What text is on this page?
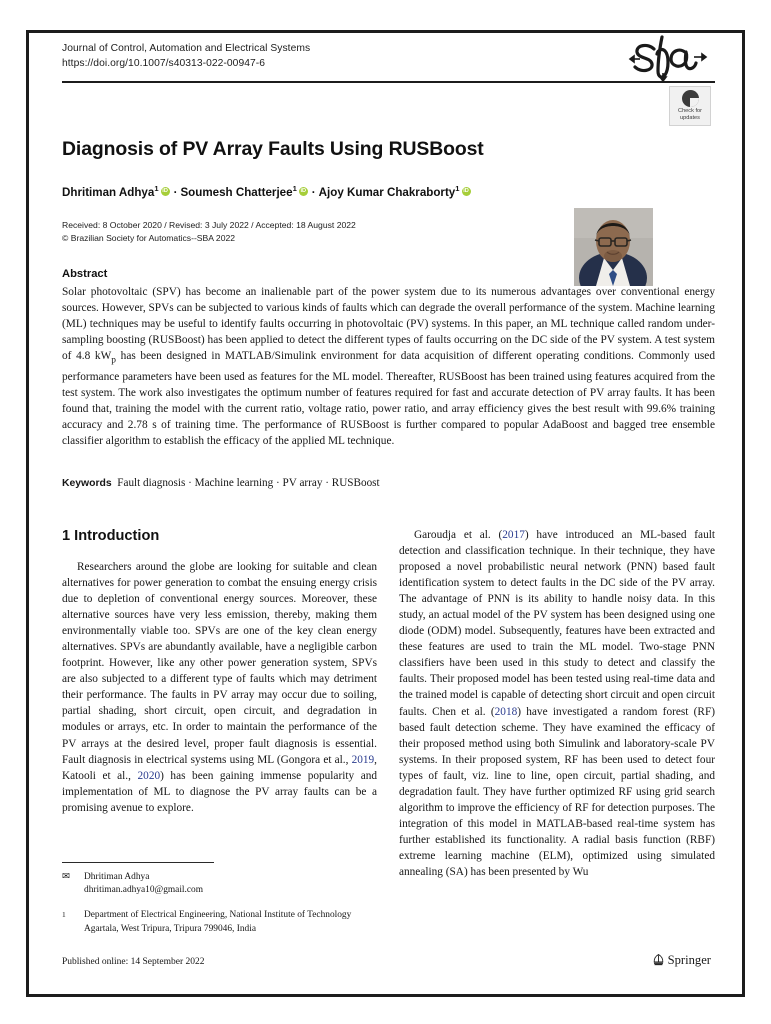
Journal of Control, Automation and Electrical Systems
https://doi.org/10.1007/s40313-022-00947-6
Check for
updates
Diagnosis of PV Array Faults Using RUSBoost
Dhritiman Adhya$^1$ iD · Soumesh Chatterjee$^1$ iD · Ajoy Kumar Chakraborty$^1$iD
Received: 8 October 2020 / Revised: 3 July 2022 / Accepted: 18 August 2022
© Brazilian Society for Automatics--SBA 2022
Abstract
Solar photovoltaic (SPV) has become an inalienable part of the power system due to its numerous advantages over conventional energy sources. However, SPVs can be subjected to various kinds of faults which can degrade the overall performance of the system. Machine learning (ML) techniques may be useful to identify faults occurring in photovoltaic (PV) systems. In this paper, an ML technique called random under-sampling boosting (RUSBoost) has been applied to detect the different types of faults occurring on the DC side of the PV system. A test system of 4.8 $kW_p$ has been designed in MATLAB/Simulink environment for data acquisition of different operating conditions. Commonly used performance parameters have been used as features for the ML model. Thereafter, RUSBoost has been trained using features acquired from the test system. The work also investigates the optimum number of features required for fast and accurate detection of PV array faults. It has been found that, training the model with the current ratio, voltage ratio, power ratio, and array efficiency gives the best result with 99.6% training accuracy and 2.78 s of training time. The performance of RUSBoost is further compared to popular AdaBoost and bagged tree ensemble classifier algorithm to establish the efficacy of the applied ML technique.
Keywords Fault diagnosis · Machine learning · PV array · RUSBoost
1 Introduction

Researchers around the globe are looking for suitable and clean alternatives for power generation to combat the ensuing energy crisis due to depletion of conventional energy sources. Moreover, these alternative sources have very less emission, thereby, making them environmentally viable too. SPVs are one of the key clean energy alternatives. SPVs are abundantly available, have a negligible carbon footprint. However, like any other power generation system, SPVs are also subjected to a different type of faults which may detriment their performance. The faults in PV array may occur due to soiling, partial shading, short circuit, open circuit, and degradation in modules or arrays, etc. In order to maintain the performance of the PV arrays at the desired level, proper fault diagnosis is essential. Fault diagnosis in electrical systems using ML (Gongora et al., 2019, Katooli et al., 2020) has been gaining immense popularity and implementation of ML to diagnose the PV array faults can be a promising avenue to explore.

Garoudja et al. (2017) have introduced an ML-based fault detection and classification technique. In their technique, they have proposed a novel probabilistic neural network (PNN) based fault identification system to detect faults in the DC side of the PV array. The advantage of PNN is its ability to handle noisy data. In this study, an actual model of the PV system has been designed using one diode (ODM) model. Subsequently, features have been extracted and these features are used to train the ML model. Two-stage PNN classifiers have been used in this study to detect and classify the faults. Their proposed model has been tested using real-time data and the trained model is capable of detecting short circuit and open circuit faults. Chen et al. (2018) have investigated a random forest (RF) based fault detection scheme. They have examined the efficacy of their proposed method using both Simulink and laboratory-scale PV systems. In their proposed system, RF has been used to detect four types of fault, viz. line to line, open circuit, partial shading, and degradation fault. They have further optimized RF using grid search algorithm to improve the efficiency of RF for detection purposes. The integration of this model in MATLAB-based real-time system has further established its functionality. A radial basis function (RBF) extreme learning machine (ELM), optimized using simulated annealing (SA) has been presented by Wu

✉	Dhritiman Adhya
dhritiman.adhya10@gmail.com
1	Department of Electrical Engineering, National Institute of Technology Agartala, West Tripura, Tripura 799046, India
Published online: 14 September 2022	Springer
